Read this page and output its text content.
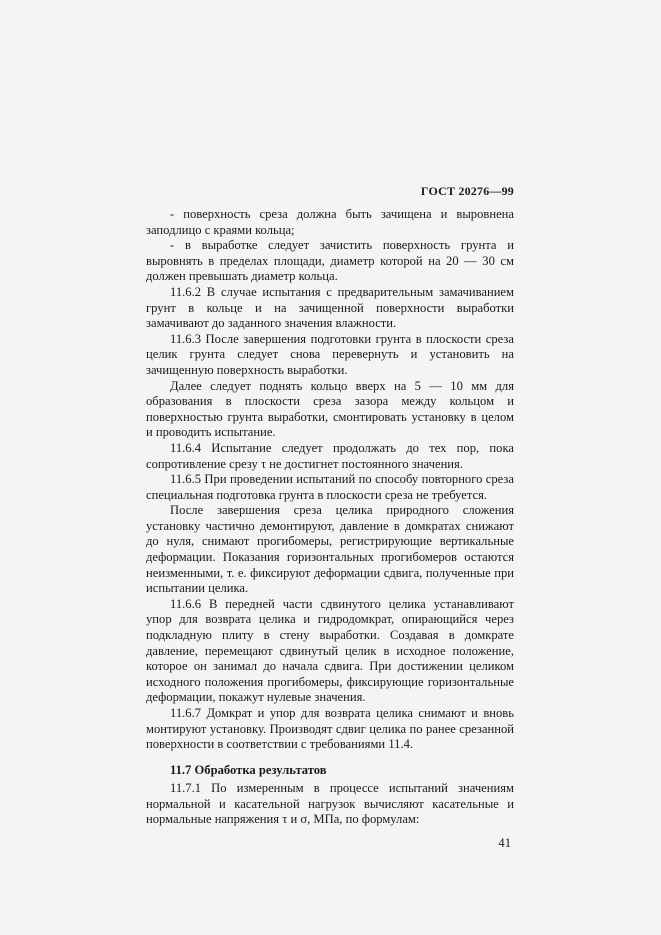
ГОСТ 20276—99

- поверхность среза должна быть зачищена и выровнена заподлицо с краями кольца;

- в выработке следует зачистить поверхность грунта и выровнять в пределах площади, диаметр которой на 20 — 30 см должен превышать диаметр кольца.

11.6.2 В случае испытания с предварительным замачиванием грунт в кольце и на зачищенной поверхности выработки замачивают до заданного значения влажности.

11.6.3 После завершения подготовки грунта в плоскости среза целик грунта следует снова перевернуть и установить на зачищенную поверхность выработки.

Далее следует поднять кольцо вверх на 5 — 10 мм для образования в плоскости среза зазора между кольцом и поверхностью грунта выработки, смонтировать установку в целом и проводить испытание.

11.6.4 Испытание следует продолжать до тех пор, пока сопротивление срезу τ не достигнет постоянного значения.

11.6.5 При проведении испытаний по способу повторного среза специальная подготовка грунта в плоскости среза не требуется.

После завершения среза целика природного сложения установку частично демонтируют, давление в домкратах снижают до нуля, снимают прогибомеры, регистрирующие вертикальные деформации. Показания горизонтальных прогибомеров остаются неизменными, т. е. фиксируют деформации сдвига, полученные при испытании целика.

11.6.6 В передней части сдвинутого целика устанавливают упор для возврата целика и гидродомкрат, опирающийся через подкладную плиту в стену выработки. Создавая в домкрате давление, перемещают сдвинутый целик в исходное положение, которое он занимал до начала сдвига. При достижении целиком исходного положения прогибомеры, фиксирующие горизонтальные деформации, покажут нулевые значения.

11.6.7 Домкрат и упор для возврата целика снимают и вновь монтируют установку. Производят сдвиг целика по ранее срезанной поверхности в соответствии с требованиями 11.4.

11.7 Обработка результатов

11.7.1 По измеренным в процессе испытаний значениям нормальной и касательной нагрузок вычисляют касательные и нормальные напряжения τ и σ, МПа, по формулам:

41
